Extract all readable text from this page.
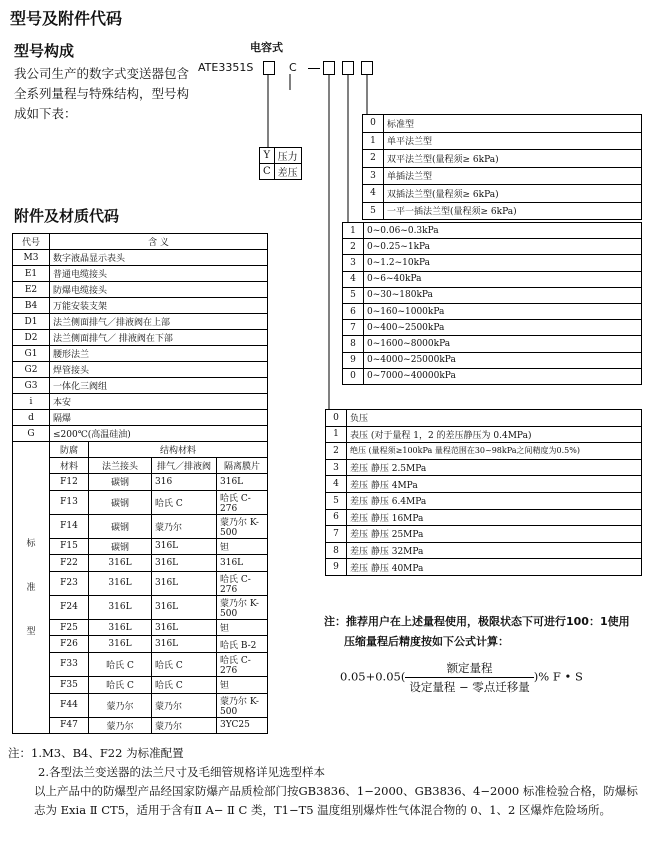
型号及附件代码
型号构成
我公司生产的数字式变送器包含全系列量程与特殊结构，型号构成如下表：
附件及材质代码
电容式
ATE3351S	C
Y	压力
C	差压
代号	含 义			
M3	数字液晶显示表头			
E1	普通电缆接头			
E2	防爆电缆接头			
B4	万能安装支架			
D1	法兰侧面排气／排液阀在上部			
D2	法兰侧面排气／ 排液阀在下部			
G1	腰形法兰			
G2	焊管接头			
G3	一体化三阀组			
i	本安			
d	隔爆			
G	≤200℃(高温硅油)			

标
准
型	防腐	结构材料		
	材料	法兰接头	排气／排液阀	隔离膜片
	F12	碳钢	316	316L
	F13	碳钢	哈氏 C	哈氏 C-276
	F14	碳钢	蒙乃尔	蒙乃尔 K-500
	F15	碳钢	316L	钽
	F22	316L	316L	316L
	F23	316L	316L	哈氏 C-276
	F24	316L	316L	蒙乃尔 K-500
	F25	316L	316L	钽
	F26	316L	316L	哈氏 B-2
	F33	哈氏 C	哈氏 C	哈氏 C-276
	F35	哈氏 C	哈氏 C	钽
	F44	蒙乃尔	蒙乃尔	蒙乃尔 K-500
	F47	蒙乃尔	蒙乃尔	3YC25
0	标准型
1	单平法兰型
2	双平法兰型(量程须≥ 6kPa)
3	单插法兰型
4	双插法兰型(量程须≥ 6kPa)
5	一平一插法兰型(量程须≥ 6kPa)
1	0~0.06~0.3kPa
2	0~0.25~1kPa
3	0~1.2~10kPa
4	0~6~40kPa
5	0~30~180kPa
6	0~160~1000kPa
7	0~400~2500kPa
8	0~1600~8000kPa
9	0~4000~25000kPa
0	0~7000~40000kPa
0	负压
1	表压 (对于量程 1，2 的差压静压为 0.4MPa)
2	绝压 (量程须≥100kPa 量程范围在30~98kPa之间精度为0.5%)
3	差压 静压 2.5MPa
4	差压 静压 4MPa
5	差压 静压 6.4MPa
6	差压 静压 16MPa
7	差压 静压 25MPa
8	差压 静压 32MPa
9	差压 静压 40MPa
注：推荐用户在上述量程使用，极限状态下可进行100：1使用
压缩量程后精度按如下公式计算：
$0.05+0.05( \frac{\text{额定量程}}{\text{设定量程 − 零点迁移量}}$ )% F • S

注：1.M3、B4、F22 为标准配置

2.各型法兰变送器的法兰尺寸及毛细管规格详见选型样本

以上产品中的防爆型产品经国家防爆产品质检部门按GB3836、1−2000、GB3836、4−2000 标准检验合格，防爆标志为 Exia Ⅱ CT5，适用于含有Ⅱ A− Ⅱ C 类，T1−T5 温度组别爆炸性气体混合物的 0、1、2 区爆炸危险场所。
